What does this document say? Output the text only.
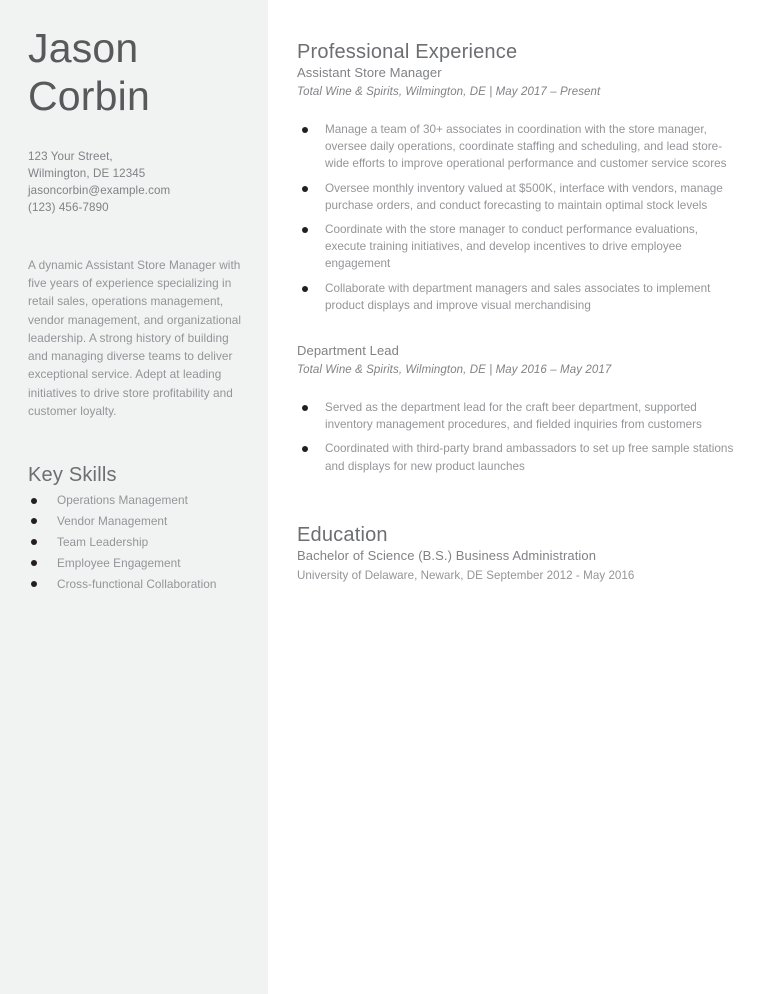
Jason
Corbin
123 Your Street,
Wilmington, DE 12345
jasoncorbin@example.com
(123) 456-7890

A dynamic Assistant Store Manager with five years of experience specializing in retail sales, operations management, vendor management, and organizational leadership. A strong history of building and managing diverse teams to deliver exceptional service. Adept at leading initiatives to drive store profitability and customer loyalty.

Key Skills
Operations Management
Vendor Management
Team Leadership
Employee Engagement
Cross-functional Collaboration
Professional Experience
Assistant Store Manager
Total Wine & Spirits, Wilmington, DE | May 2017 – Present
Manage a team of 30+ associates in coordination with the store manager, oversee daily operations, coordinate staffing and scheduling, and lead store-wide efforts to improve operational performance and customer service scores
Oversee monthly inventory valued at $500K, interface with vendors, manage purchase orders, and conduct forecasting to maintain optimal stock levels
Coordinate with the store manager to conduct performance evaluations, execute training initiatives, and develop incentives to drive employee engagement
Collaborate with department managers and sales associates to implement product displays and improve visual merchandising
Department Lead
Total Wine & Spirits, Wilmington, DE | May 2016 – May 2017
Served as the department lead for the craft beer department, supported inventory management procedures, and fielded inquiries from customers
Coordinated with third-party brand ambassadors to set up free sample stations and displays for new product launches
Education
Bachelor of Science (B.S.) Business Administration
University of Delaware, Newark, DE September 2012 - May 2016
